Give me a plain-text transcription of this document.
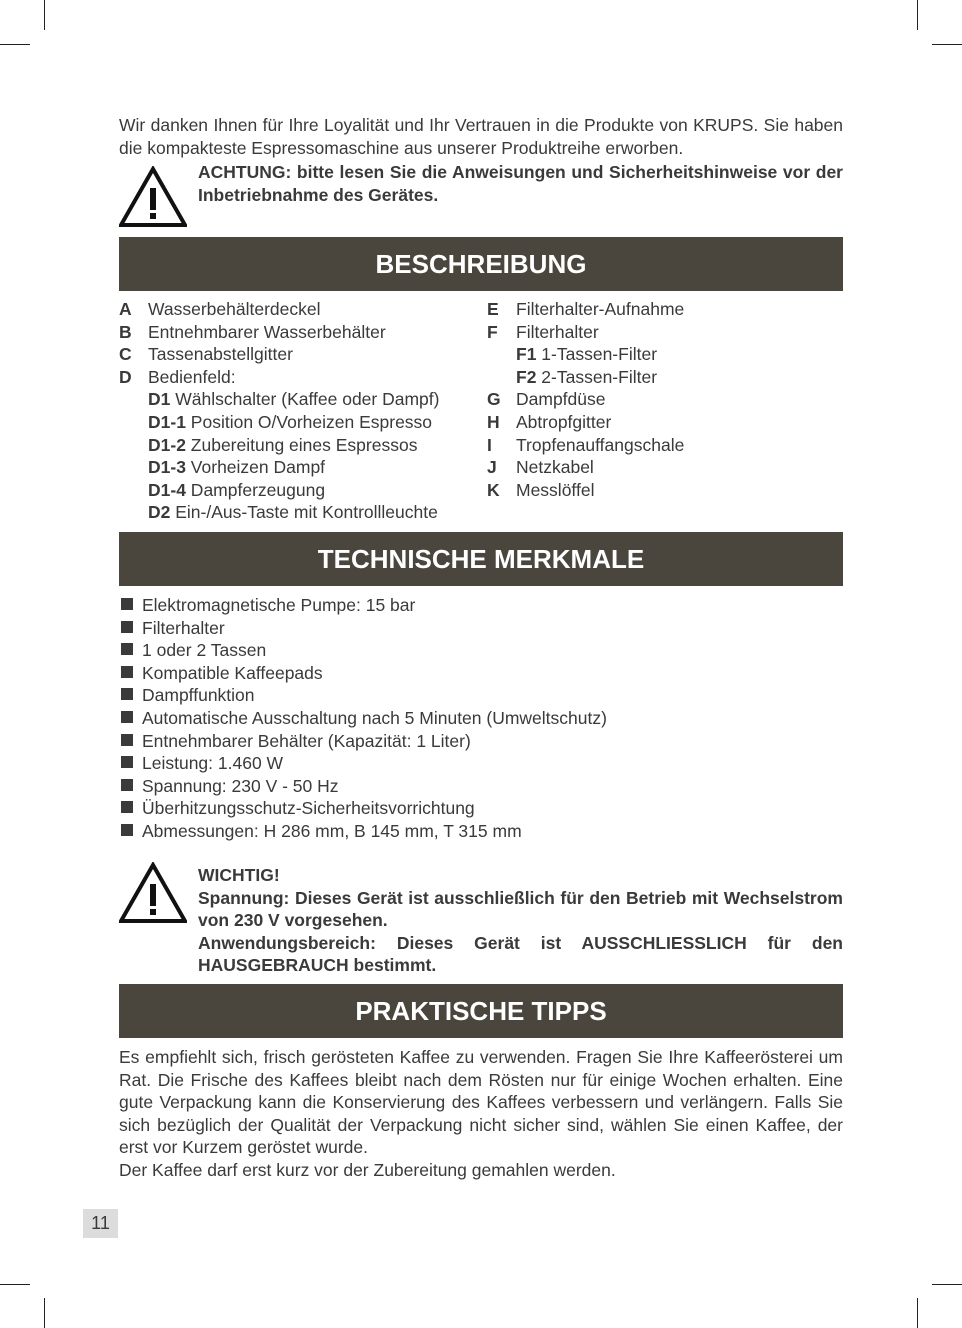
Wir danken Ihnen für Ihre Loyalität und Ihr Vertrauen in die Produkte von KRUPS. Sie haben die kompakteste Espressomaschine aus unserer Produktreihe erworben.
ACHTUNG: bitte lesen Sie die Anweisungen und Sicherheitshinweise vor der Inbetriebnahme des Gerätes.
BESCHREIBUNG
A Wasserbehälterdeckel
B Entnehmbarer Wasserbehälter
C Tassenabstellgitter
D Bedienfeld:
D1 Wählschalter (Kaffee oder Dampf)
D1-1 Position O/Vorheizen Espresso
D1-2 Zubereitung eines Espressos
D1-3 Vorheizen Dampf
D1-4 Dampferzeugung
D2 Ein-/Aus-Taste mit Kontrollleuchte
E Filterhalter-Aufnahme
F Filterhalter
F1 1-Tassen-Filter
F2 2-Tassen-Filter
G Dampfdüse
H Abtropfgitter
I Tropfenauffangschale
J Netzkabel
K Messlöffel
TECHNISCHE MERKMALE
Elektromagnetische Pumpe: 15 bar
Filterhalter
1 oder 2 Tassen
Kompatible Kaffeepads
Dampffunktion
Automatische Ausschaltung nach 5 Minuten (Umweltschutz)
Entnehmbarer Behälter (Kapazität: 1 Liter)
Leistung: 1.460 W
Spannung: 230 V - 50 Hz
Überhitzungsschutz-Sicherheitsvorrichtung
Abmessungen: H 286 mm, B 145 mm, T 315 mm
WICHTIG!
Spannung: Dieses Gerät ist ausschließlich für den Betrieb mit Wechselstrom von 230 V vorgesehen.
Anwendungsbereich: Dieses Gerät ist AUSSCHLIESSLICH für den HAUSGEBRAUCH bestimmt.
PRAKTISCHE TIPPS

Es empfiehlt sich, frisch gerösteten Kaffee zu verwenden. Fragen Sie Ihre Kaffeerösterei um Rat. Die Frische des Kaffees bleibt nach dem Rösten nur für einige Wochen erhalten. Eine gute Verpackung kann die Konservierung des Kaffees verbessern und verlängern. Falls Sie sich bezüglich der Qualität der Verpackung nicht sicher sind, wählen Sie einen Kaffee, der erst vor Kurzem geröstet wurde.

Der Kaffee darf erst kurz vor der Zubereitung gemahlen werden.

11
